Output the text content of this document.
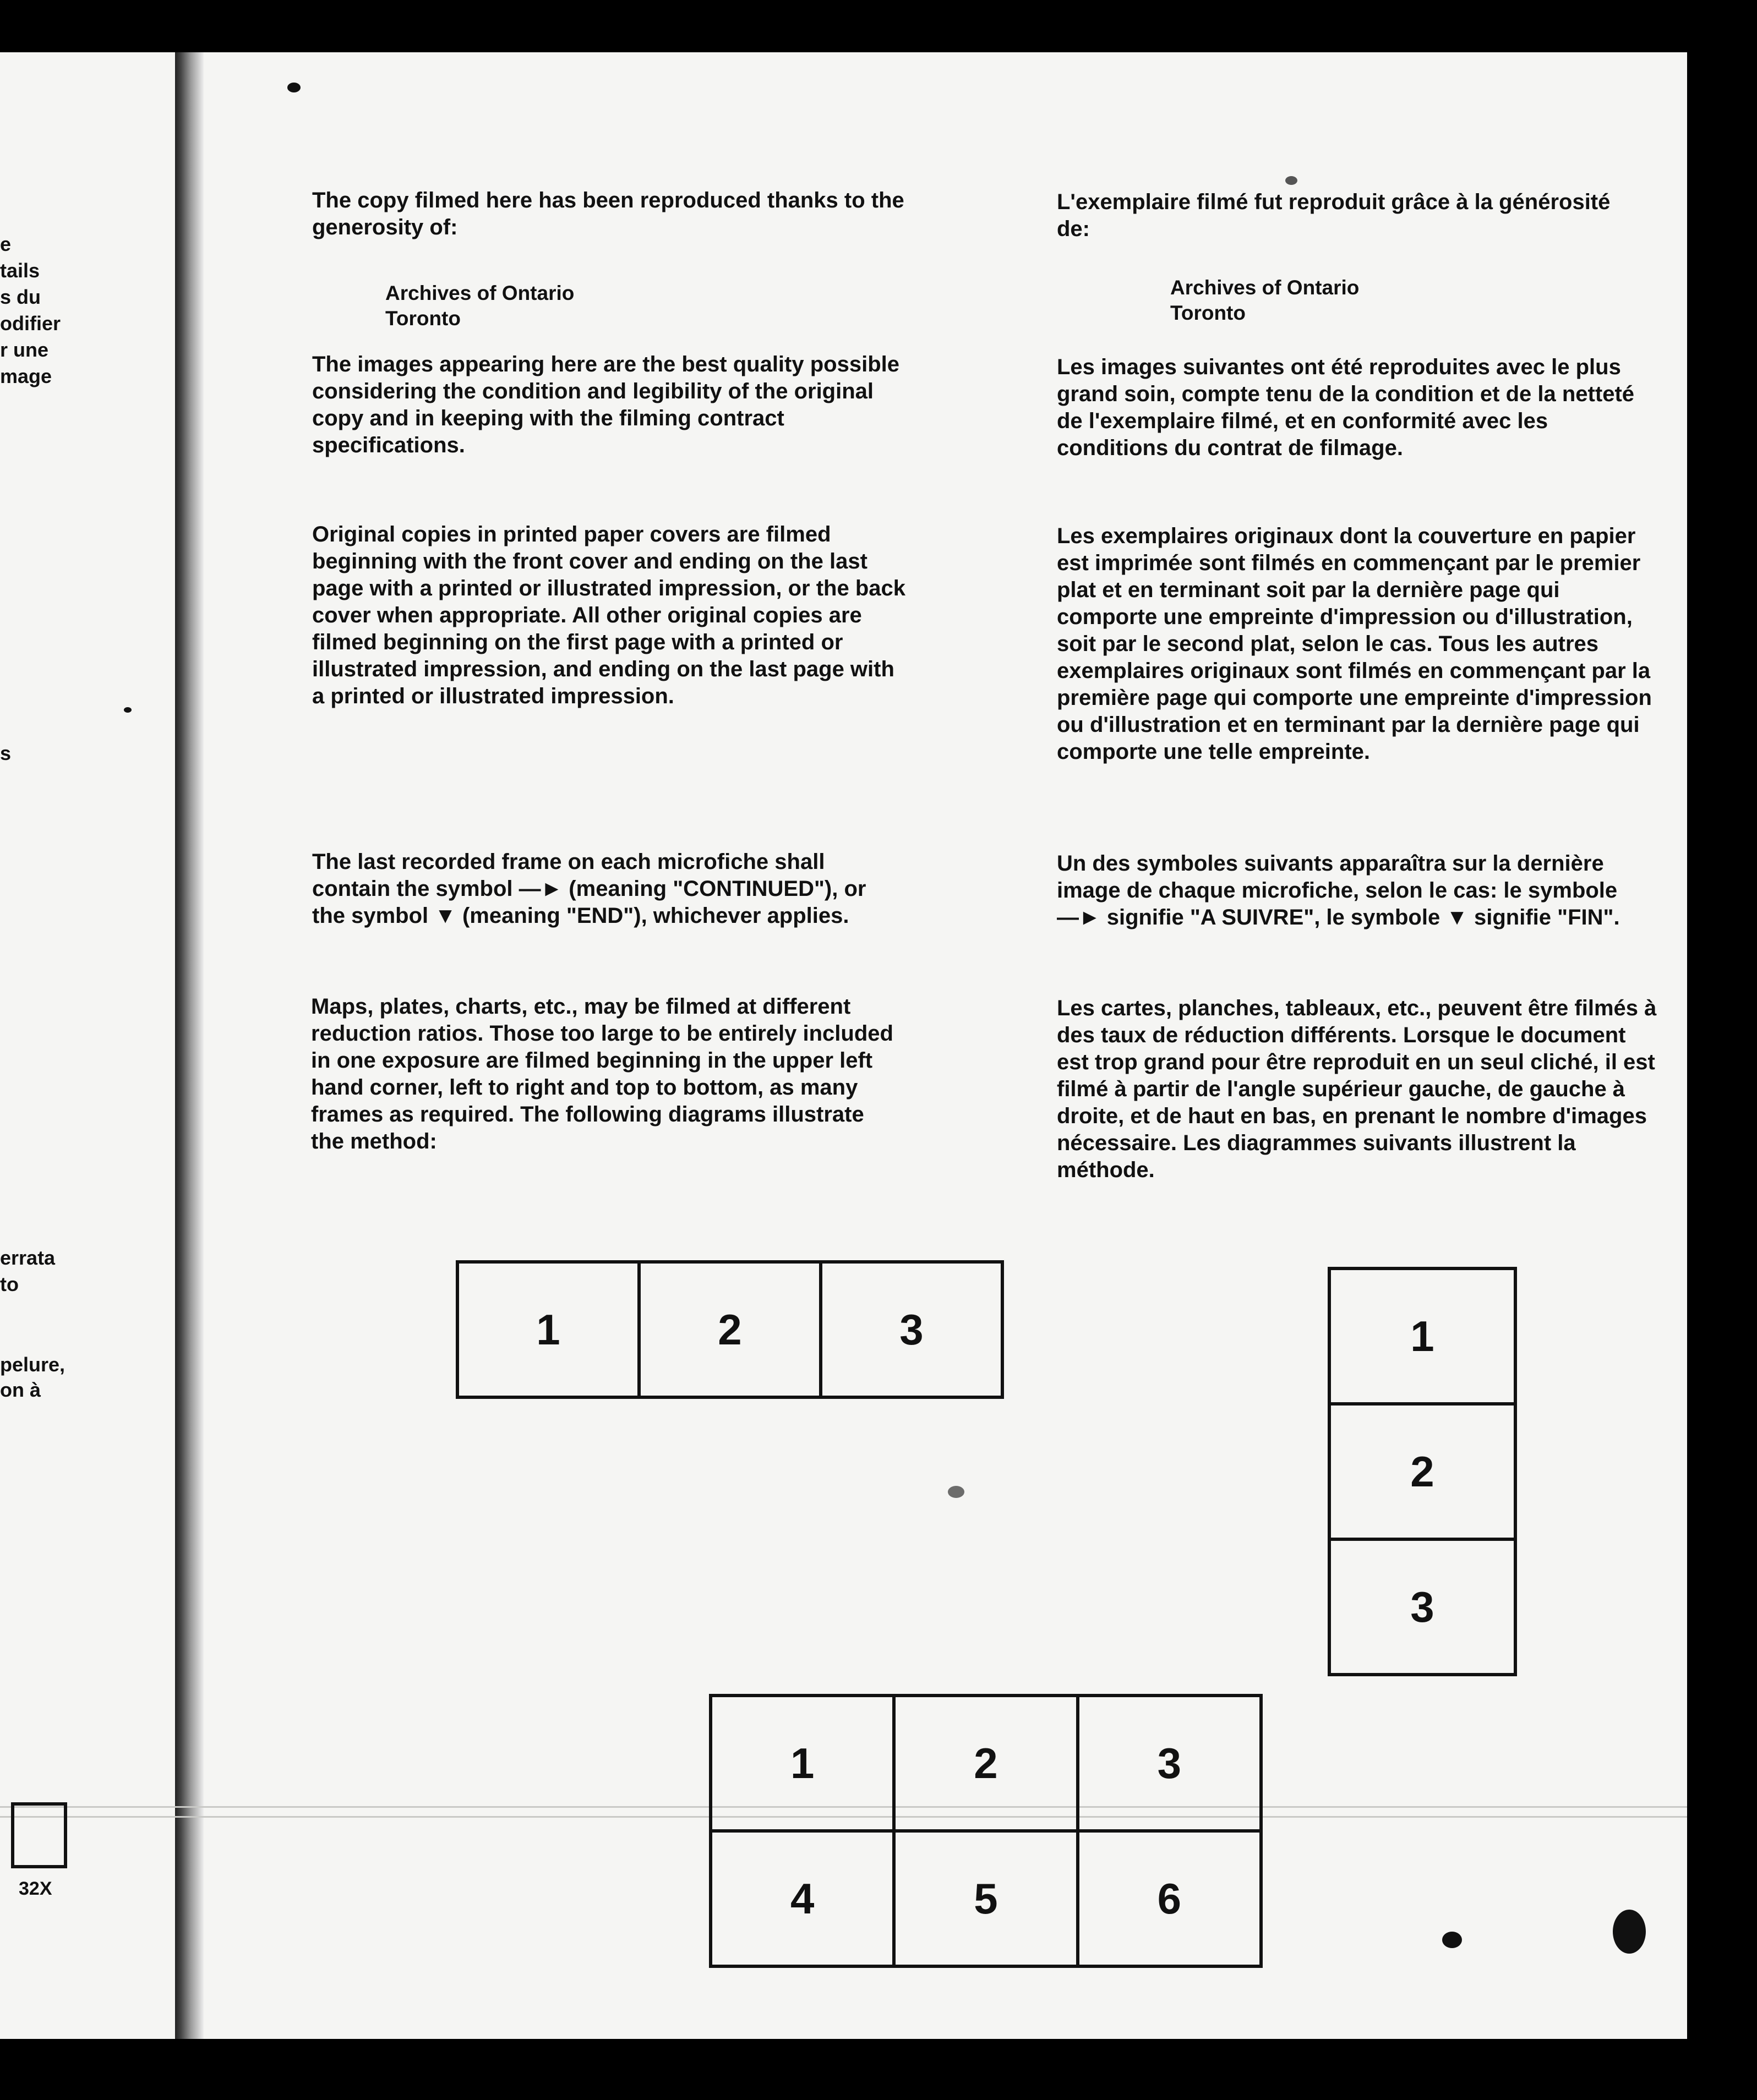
e
tails
s du
odifier
r une
mage
s
errata
to
pelure,
on à
32X

The copy filmed here has been reproduced thanks to the generosity of:

Archives of Ontario

Toronto

The images appearing here are the best quality possible considering the condition and legibility of the original copy and in keeping with the filming contract specifications.

Original copies in printed paper covers are filmed beginning with the front cover and ending on the last page with a printed or illustrated impression, or the back cover when appropriate. All other original copies are filmed beginning on the first page with a printed or illustrated impression, and ending on the last page with a printed or illustrated impression.

The last recorded frame on each microfiche shall contain the symbol —► (meaning "CONTINUED"), or the symbol ▼ (meaning "END"), whichever applies.

Maps, plates, charts, etc., may be filmed at different reduction ratios. Those too large to be entirely included in one exposure are filmed beginning in the upper left hand corner, left to right and top to bottom, as many frames as required. The following diagrams illustrate the method:

L'exemplaire filmé fut reproduit grâce à la générosité de:

Archives of Ontario

Toronto

Les images suivantes ont été reproduites avec le plus grand soin, compte tenu de la condition et de la netteté de l'exemplaire filmé, et en conformité avec les conditions du contrat de filmage.

Les exemplaires originaux dont la couverture en papier est imprimée sont filmés en commençant par le premier plat et en terminant soit par la dernière page qui comporte une empreinte d'impression ou d'illustration, soit par le second plat, selon le cas. Tous les autres exemplaires originaux sont filmés en commençant par la première page qui comporte une empreinte d'impression ou d'illustration et en terminant par la dernière page qui comporte une telle empreinte.

Un des symboles suivants apparaîtra sur la dernière image de chaque microfiche, selon le cas: le symbole —► signifie "A SUIVRE", le symbole ▼ signifie "FIN".

Les cartes, planches, tableaux, etc., peuvent être filmés à des taux de réduction différents. Lorsque le document est trop grand pour être reproduit en un seul cliché, il est filmé à partir de l'angle supérieur gauche, de gauche à droite, et de haut en bas, en prenant le nombre d'images nécessaire. Les diagrammes suivants illustrent la méthode.

1	2	3	1
2
3
1	2	3
4	5	6
